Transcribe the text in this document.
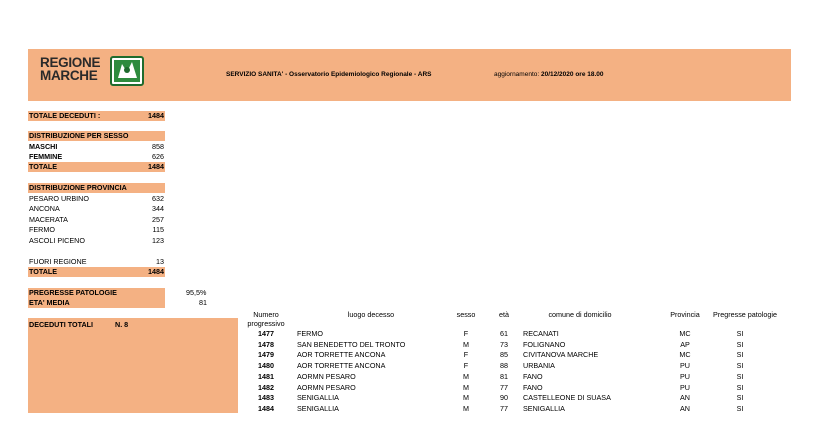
REGIONE
MARCHE	SERVIZIO SANITA' - Osservatorio Epidemiologico Regionale - ARS	aggiornamento: 20/12/2020 ore 18.00
TOTALE DECEDUTI :	1484
DISTRIBUZIONE PER SESSO
MASCHI	858
FEMMINE	626
TOTALE	1484
DISTRIBUZIONE PROVINCIA
PESARO URBINO	632
ANCONA	344
MACERATA	257
FERMO	115
ASCOLI PICENO	123
FUORI REGIONE	13
TOTALE	1484
PREGRESSE PATOLOGIE	95,5%
ETA' MEDIA	81
DECEDUTI TOTALI	N. 8
Numero
progressivo
luogo decesso	sesso	età	comune di domicilio	Provincia	Pregresse patologie
1477	FERMO	F	61	RECANATI	MC	SI
1478	SAN BENEDETTO DEL TRONTO	M	73	FOLIGNANO	AP	SI
1479	AOR TORRETTE ANCONA	F	85	CIVITANOVA MARCHE	MC	SI
1480	AOR TORRETTE ANCONA	F	88	URBANIA	PU	SI
1481	AORMN PESARO	M	81	FANO	PU	SI
1482	AORMN PESARO	M	77	FANO	PU	SI
1483	SENIGALLIA	M	90	CASTELLEONE DI SUASA	AN	SI
1484	SENIGALLIA	M	77	SENIGALLIA	AN	SI
